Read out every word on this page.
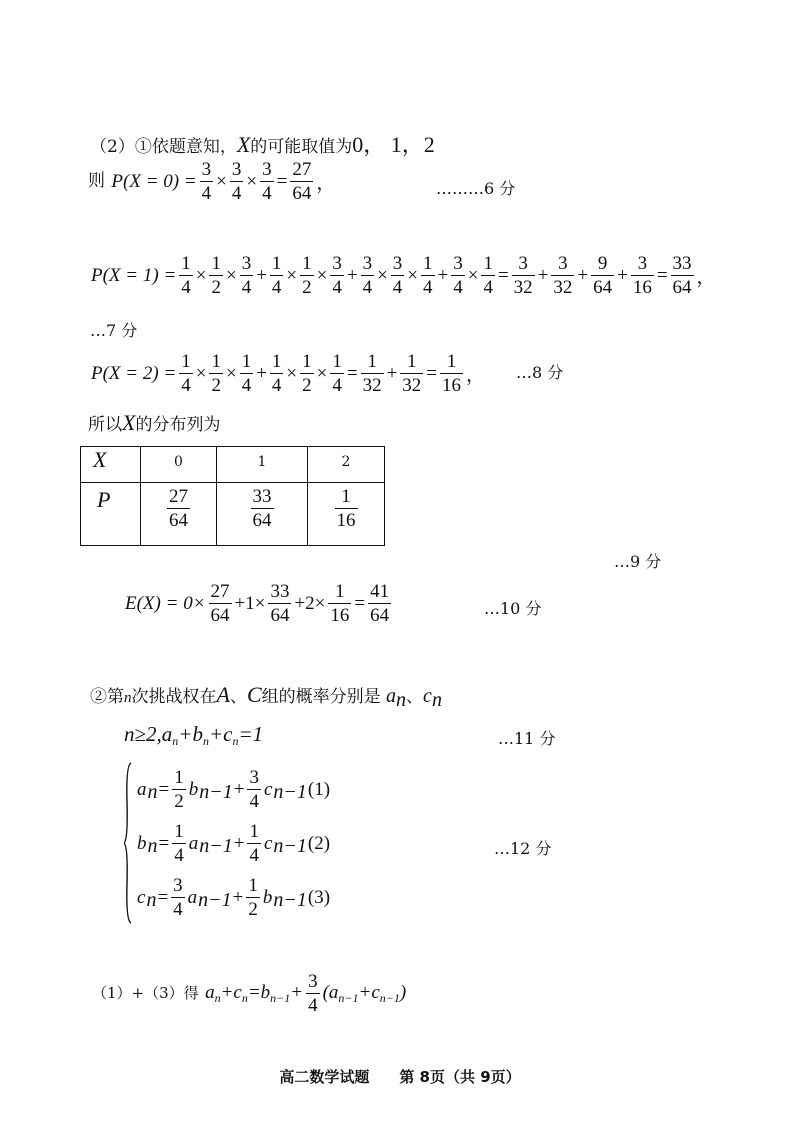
（2）①依题意知，X的可能取值为0， 1，2
则 $P(X = 0) = \frac{3}{4} \times \frac{3}{4} \times \frac{3}{4} = \frac{27}{64}$ ，	………6 分
$P(X = 1) = \frac{1}{4} \times \frac{1}{2} \times \frac{3}{4} + \frac{1}{4} \times \frac{1}{2} \times \frac{3}{4} + \frac{3}{4} \times \frac{3}{4} \times \frac{1}{4} + \frac{3}{4} \times \frac{1}{4} = \frac{3}{32} + \frac{3}{32} + \frac{9}{64} + \frac{3}{16} = \frac{33}{64}$ ，
…7 分
$P(X = 2) = \frac{1}{4} \times \frac{1}{2} \times \frac{1}{4} + \frac{1}{4} \times \frac{1}{2} \times \frac{1}{4} = \frac{1}{32} + \frac{1}{32} = \frac{1}{16}$ ， …8 分
所以X的分布列为
X	0	1	2
P	$\frac{27}{64}$	$\frac{33}{64}$	$\frac{1}{16}$
…9 分
$E(X) = 0\times \frac{27}{64} +1\times \frac{33}{64} +2\times \frac{1}{16} = \frac{41}{64}$	…10 分
②第n次挑战权在A、C组的概率分别是 $a_n$、$c_n$
$n\ge 2,a_n+b_n+c_n=1$	…11 分
$a_n= \frac{1}{2} b_{n-1}+ \frac{3}{4} c_{n-1}(1)$
$b_n= \frac{1}{4} a_{n-1}+ \frac{1}{4} c_{n-1}(2)$
$c_n= \frac{3}{4} a_{n-1}+ \frac{1}{2} b_{n-1}(3)$
…12 分
（1）+（3）得 $a_n+c_n=b_{n-1}+ \frac{3}{4} (a_{n-1}+c_{n-1})$
高二数学试题　　第 8页（共 9页）
